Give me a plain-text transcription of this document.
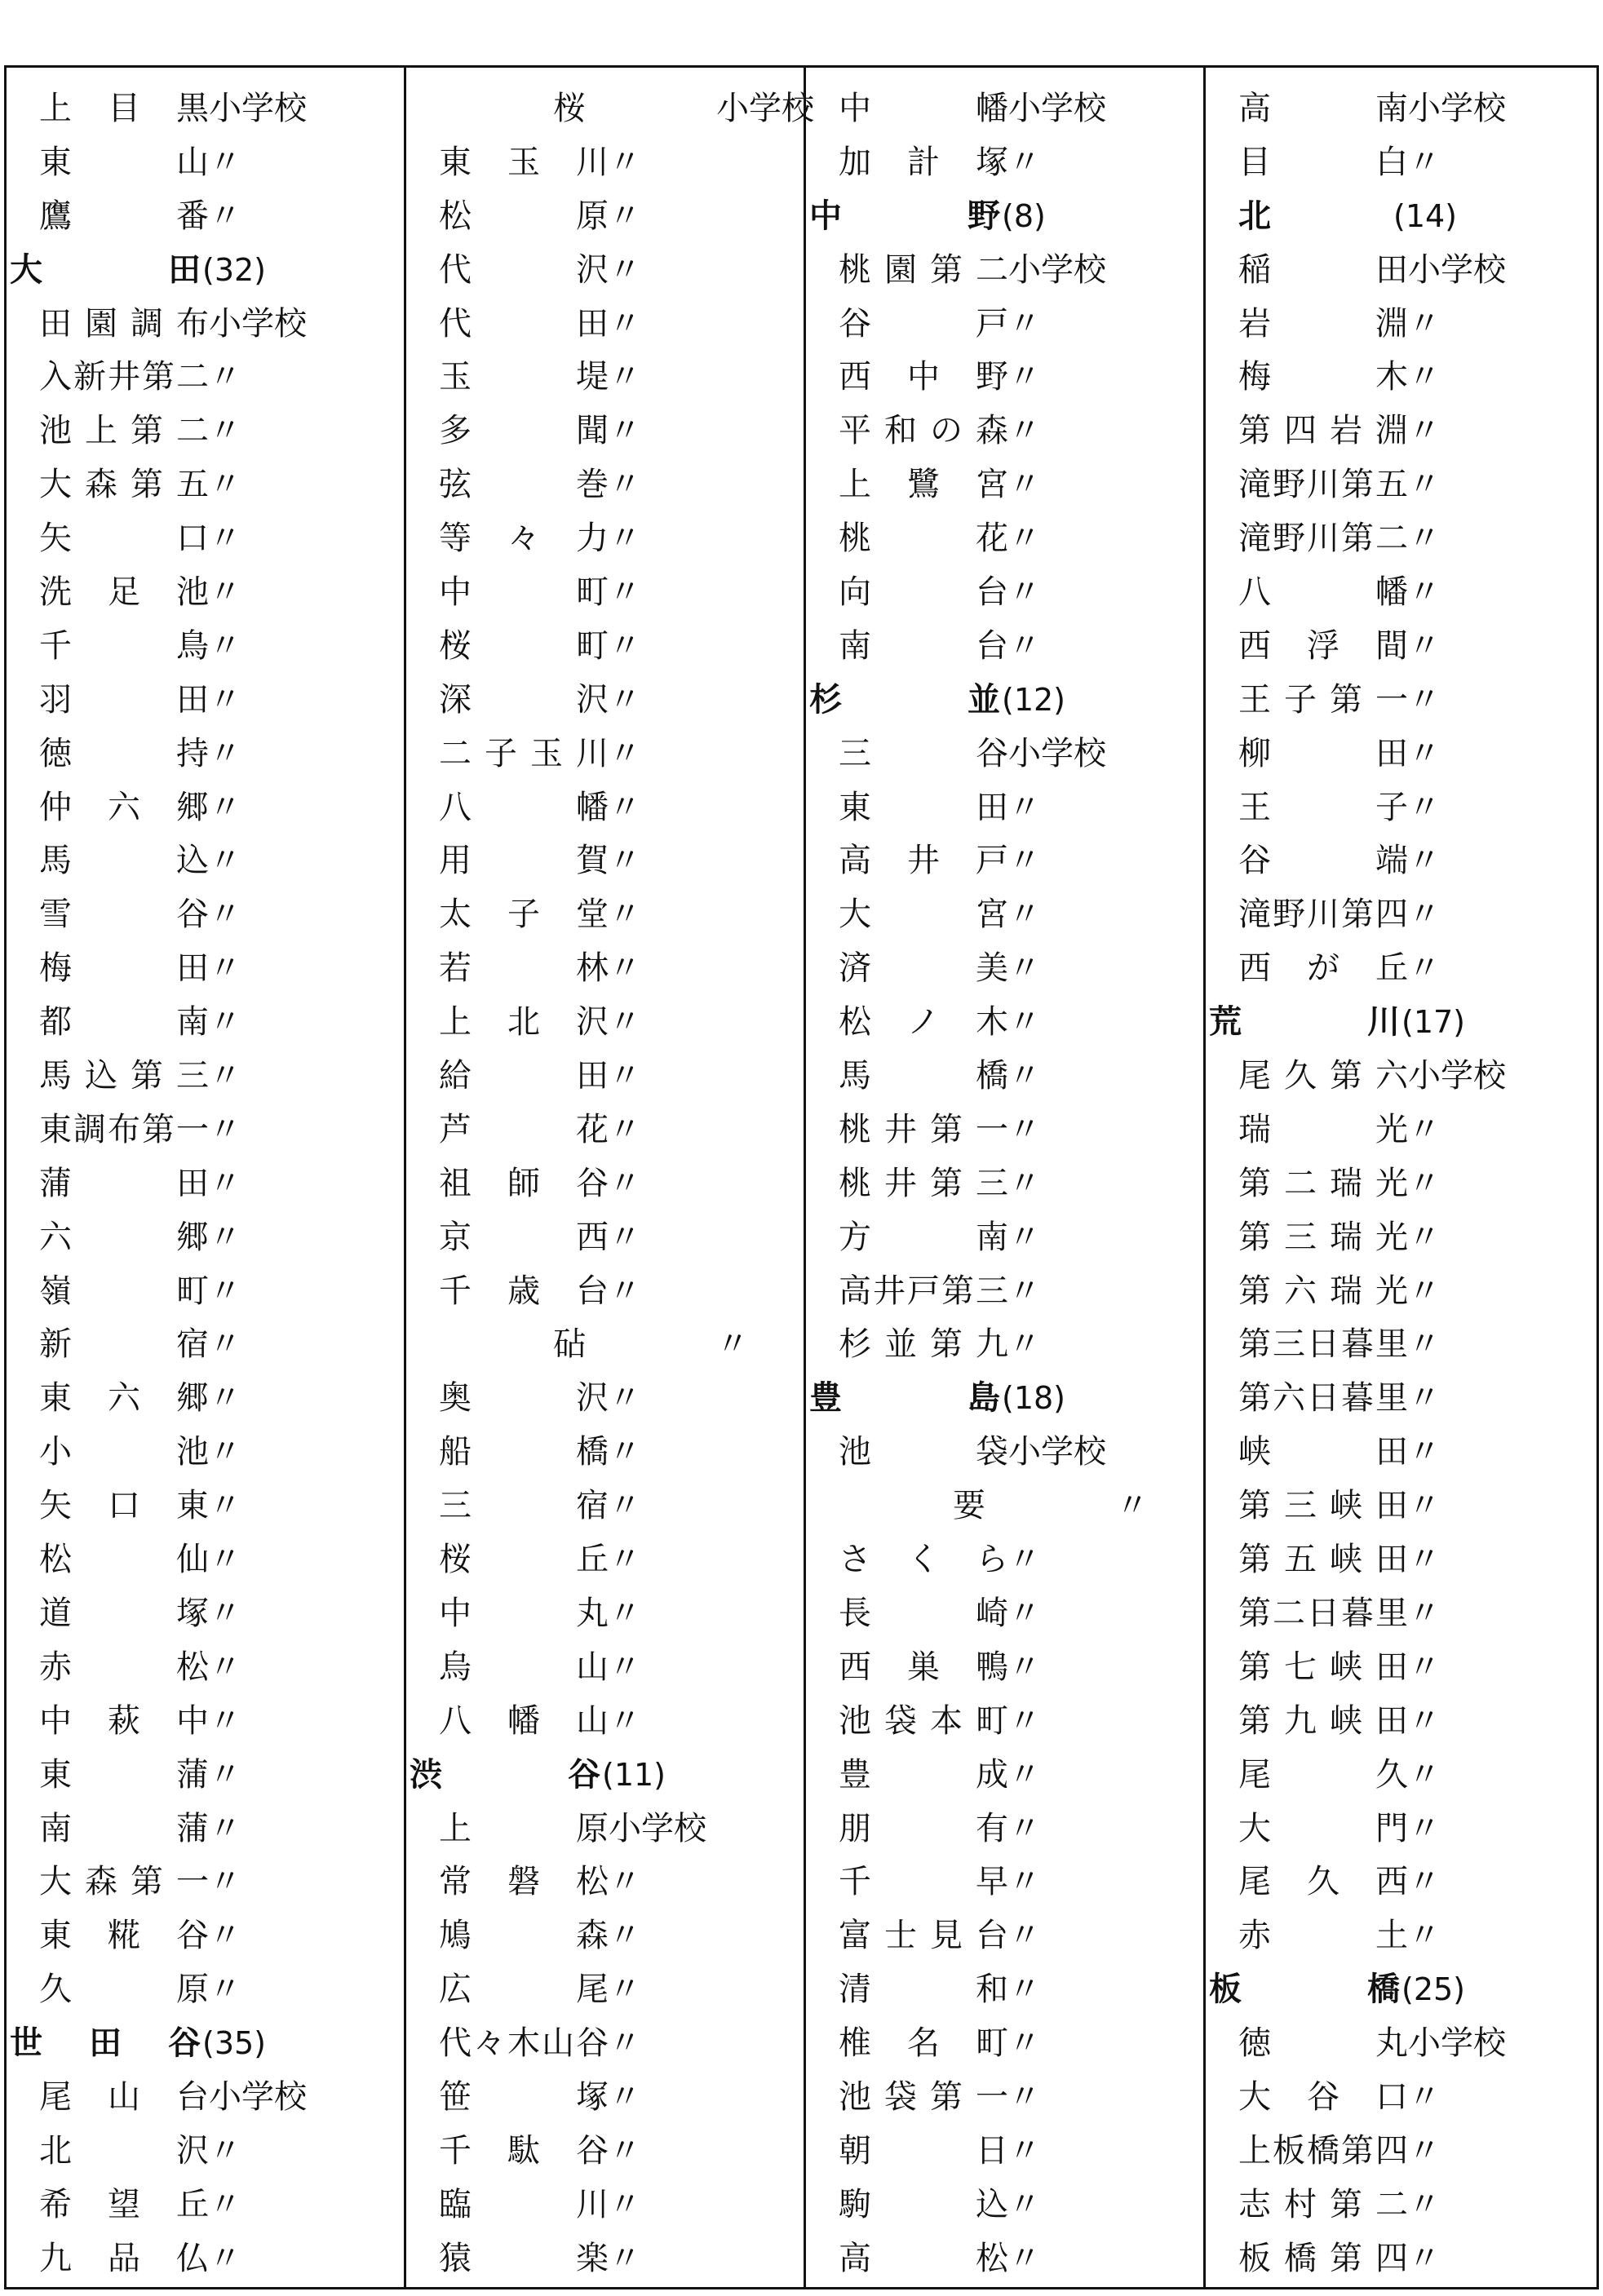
上目黒 小学校
東山 〃
鷹番 〃
大田 (32)
田園調布 小学校
入新井第二 〃
池上第二 〃
大森第五 〃
矢口 〃
洗足池 〃
千鳥 〃
羽田 〃
徳持 〃
仲六郷 〃
馬込 〃
雪谷 〃
梅田 〃
都南 〃
馬込第三 〃
東調布第一 〃
蒲田 〃
六郷 〃
嶺町 〃
新宿 〃
東六郷 〃
小池 〃
矢口東 〃
松仙 〃
道塚 〃
赤松 〃
中萩中 〃
東蒲 〃
南蒲 〃
大森第一 〃
東糀谷 〃
久原 〃
世田谷 (35)
尾山台 小学校
北沢 〃
希望丘 〃
九品仏 〃
桜	小学校
東玉川 〃
松原 〃
代沢 〃
代田 〃
玉堤 〃
多聞 〃
弦巻 〃
等々力 〃
中町 〃
桜町 〃
深沢 〃
二子玉川 〃
八幡 〃
用賀 〃
太子堂 〃
若林 〃
上北沢 〃
給田 〃
芦花 〃
祖師谷 〃
京西 〃
千歳台 〃
砧	〃
奥沢 〃
船橋 〃
三宿 〃
桜丘 〃
中丸 〃
烏山 〃
八幡山 〃
渋谷 (11)
上原 小学校
常磐松 〃
鳩森 〃
広尾 〃
代々木山谷 〃
笹塚 〃
千駄谷 〃
臨川 〃
猿楽 〃
中幡 小学校
加計塚 〃
中野 (8)
桃園第二 小学校
谷戸 〃
西中野 〃
平和の森 〃
上鷺宮 〃
桃花 〃
向台 〃
南台 〃
杉並 (12)
三谷 小学校
東田 〃
高井戸 〃
大宮 〃
済美 〃
松ノ木 〃
馬橋 〃
桃井第一 〃
桃井第三 〃
方南 〃
高井戸第三 〃
杉並第九 〃
豊島 (18)
池袋 小学校
要	〃
さくら 〃
長崎 〃
西巣鴨 〃
池袋本町 〃
豊成 〃
朋有 〃
千早 〃
富士見台 〃
清和 〃
椎名町 〃
池袋第一 〃
朝日 〃
駒込 〃
高松 〃
高南 小学校
目白 〃
北	(14)
稲田 小学校
岩淵 〃
梅木 〃
第四岩淵 〃
滝野川第五 〃
滝野川第二 〃
八幡 〃
西浮間 〃
王子第一 〃
柳田 〃
王子 〃
谷端 〃
滝野川第四 〃
西が丘 〃
荒川 (17)
尾久第六 小学校
瑞光 〃
第二瑞光 〃
第三瑞光 〃
第六瑞光 〃
第三日暮里 〃
第六日暮里 〃
峡田 〃
第三峡田 〃
第五峡田 〃
第二日暮里 〃
第七峡田 〃
第九峡田 〃
尾久 〃
大門 〃
尾久西 〃
赤土 〃
板橋 (25)
徳丸 小学校
大谷口 〃
上板橋第四 〃
志村第二 〃
板橋第四 〃
